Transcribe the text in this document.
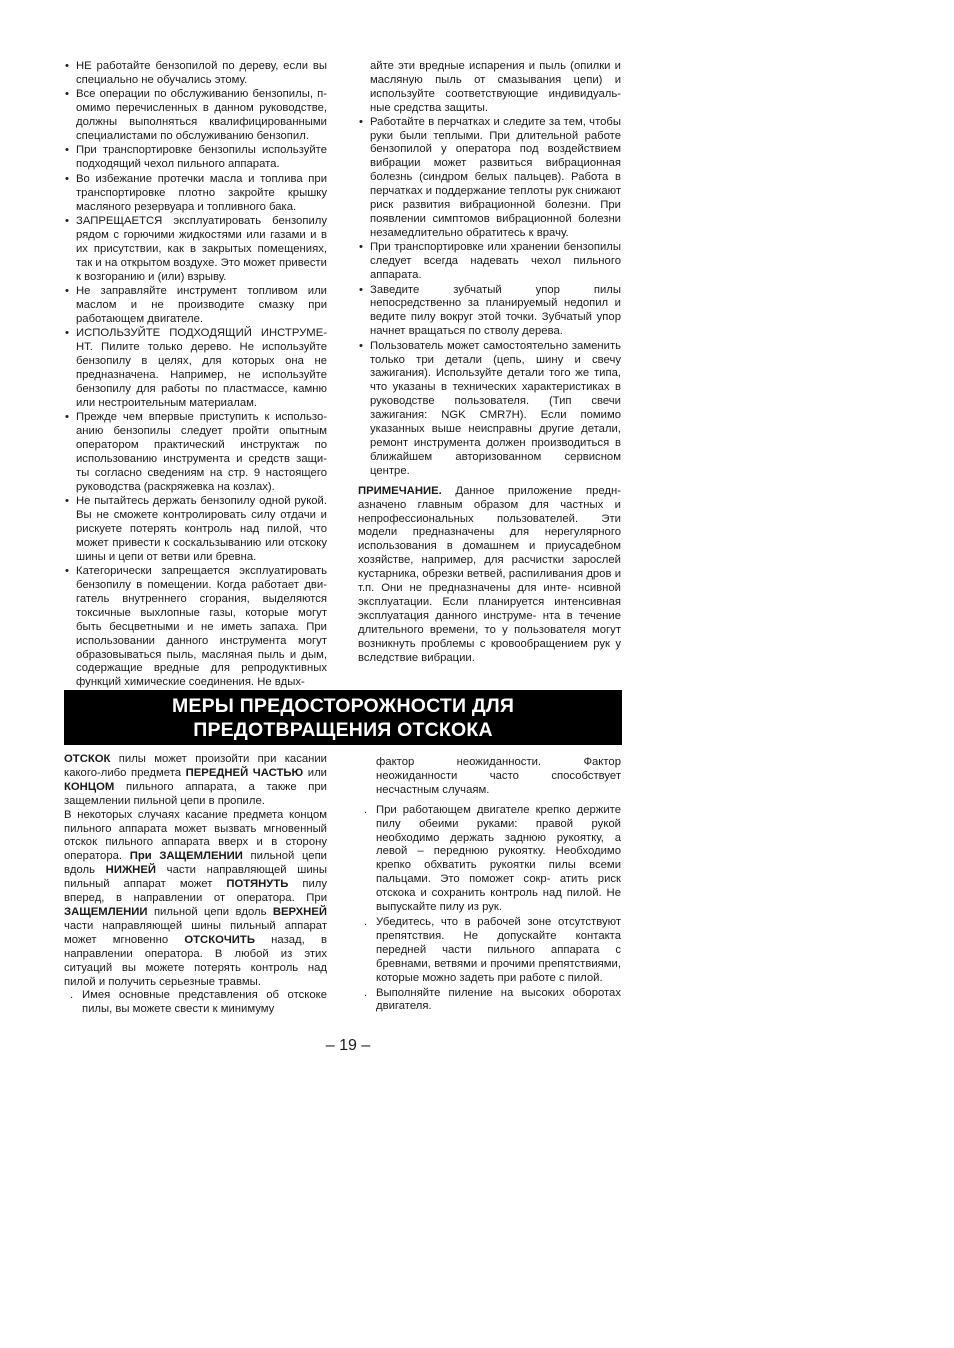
• НЕ работайте бензопилой по дереву, если вы специально не обучались этому.
• Все операции по обслуживанию бензопилы, п- омимо перечисленных в данном руководстве, должны выполняться квалифицированными специалистами по обслуживанию бензопил.
• При транспортировке бензопилы используйте подходящий чехол пильного аппарата.
• Во избежание протечки масла и топлива при транспортировке плотно закройте крышку масляного резервуара и топливного бака.
• ЗАПРЕЩАЕТСЯ эксплуатировать бензопилу рядом с горючими жидкостями или газами и в их присутствии, как в закрытых помещениях, так и на открытом воздухе. Это может привести к возгоранию и (или) взрыву.
• Не заправляйте инструмент топливом или маслом и не производите смазку при работающем двигателе.
• ИСПОЛЬЗУЙТЕ ПОДХОДЯЩИЙ ИНСТРУМЕ- НТ. Пилите только дерево. Не используйте бензопилу в целях, для которых она не предназначена. Например, не используйте бензопилу для работы по пластмассе, камню или нестроительным материалам.
• Прежде чем впервые приступить к использо- анию бензопилы следует пройти опытным оператором практический инструктаж по использованию инструмента и средств защи- ты согласно сведениям на стр. 9 настоящего руководства (раскряжевка на козлах).
• Не пытайтесь держать бензопилу одной рукой. Вы не сможете контролировать силу отдачи и рискуете потерять контроль над пилой, что может привести к соскальзыванию или отскоку шины и цепи от ветви или бревна.
• Категорически запрещается эксплуатировать бензопилу в помещении. Когда работает дви- гатель внутреннего сгорания, выделяются токсичные выхлопные газы, которые могут быть бесцветными и не иметь запаха. При использовании данного инструмента могут образовываться пыль, масляная пыль и дым, содержащие вредные для репродуктивных функций химические соединения. Не вдых-

айте эти вредные испарения и пыль (опилки и масляную пыль от смазывания цепи) и используйте соответствующие индивидуаль- ные средства защиты.

• Работайте в перчатках и следите за тем, чтобы руки были теплыми. При длительной работе бензопилой у оператора под воздействием вибрации может развиться вибрационная болезнь (синдром белых пальцев). Работа в перчатках и поддержание теплоты рук снижают риск развития вибрационной болезни. При появлении симптомов вибрационной болезни незамедлительно обратитесь к врачу.
• При транспортировке или хранении бензопилы следует всегда надевать чехол пильного аппарата.
• Заведите зубчатый упор пилы непосредственно за планируемый недопил и ведите пилу вокруг этой точки. Зубчатый упор начнет вращаться по стволу дерева.
• Пользователь может самостоятельно заменить только три детали (цепь, шину и свечу зажигания). Используйте детали того же типа, что указаны в технических характеристиках в руководстве пользователя. (Тип свечи зажигания: NGK CMR7H). Если помимо указанных выше неисправны другие детали, ремонт инструмента должен производиться в ближайшем авторизованном сервисном центре.

ПРИМЕЧАНИЕ. Данное приложение предн- азначено главным образом для частных и непрофессиональных пользователей. Эти модели предназначены для нерегулярного использования в домашнем и приусадебном хозяйстве, например, для расчистки зарослей кустарника, обрезки ветвей, распиливания дров и т.п. Они не предназначены для инте- нсивной эксплуатации. Если планируется интенсивная эксплуатация данного инструме- нта в течение длительного времени, то у пользователя могут возникнуть проблемы с кровообращением рук у вследствие вибрации.

МЕРЫ ПРЕДОСТОРОЖНОСТИ ДЛЯ
ПРЕДОТВРАЩЕНИЯ ОТСКОКА

ОТСКОК пилы может произойти при касании какого-либо предмета ПЕРЕДНЕЙ ЧАСТЬЮ или КОНЦОМ пильного аппарата, а также при защемлении пильной цепи в пропиле.

В некоторых случаях касание предмета концом пильного аппарата может вызвать мгновенный отскок пильного аппарата вверх и в сторону оператора. При ЗАЩЕМЛЕНИИ пильной цепи вдоль НИЖНЕЙ части направляющей шины пильный аппарат может ПОТЯНУТЬ пилу вперед, в направлении от оператора. При ЗАЩЕМЛЕНИИ пильной цепи вдоль ВЕРХНЕЙ части направляющей шины пильный аппарат может мгновенно ОТСКОЧИТЬ назад, в направлении оператора. В любой из этих ситуаций вы можете потерять контроль над пилой и получить серьезные травмы.

. Имея основные представления об отскоке пилы, вы можете свести к минимуму

фактор неожиданности. Фактор неожиданности часто способствует несчастным случаям.

. При работающем двигателе крепко держите пилу обеими руками: правой рукой необходимо держать заднюю рукоятку, а левой – переднюю рукоятку. Необходимо крепко обхватить рукоятки пилы всеми пальцами. Это поможет сокр- атить риск отскока и сохранить контроль над пилой. Не выпускайте пилу из рук.
. Убедитесь, что в рабочей зоне отсутствуют препятствия. Не допускайте контакта передней части пильного аппарата с бревнами, ветвями и прочими препятствиями, которые можно задеть при работе с пилой.
. Выполняйте пиление на высоких оборотах двигателя.
– 19 –
